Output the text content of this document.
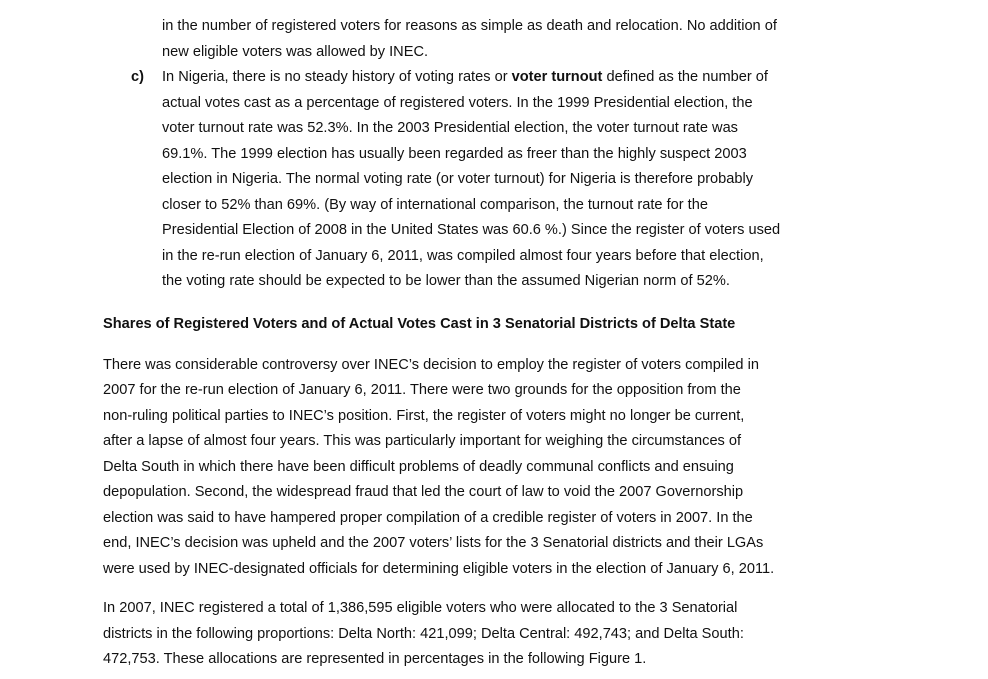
in the number of registered voters for reasons as simple as death and relocation. No addition of
new eligible voters was allowed by INEC.
c) In Nigeria, there is no steady history of voting rates or voter turnout defined as the number of
actual votes cast as a percentage of registered voters. In the 1999 Presidential election, the
voter turnout rate was 52.3%. In the 2003 Presidential election, the voter turnout rate was
69.1%. The 1999 election has usually been regarded as freer than the highly suspect 2003
election in Nigeria. The normal voting rate (or voter turnout) for Nigeria is therefore probably
closer to 52% than 69%. (By way of international comparison, the turnout rate for the
Presidential Election of 2008 in the United States was 60.6 %.) Since the register of voters used
in the re-run election of January 6, 2011, was compiled almost four years before that election,
the voting rate should be expected to be lower than the assumed Nigerian norm of 52%.
Shares of Registered Voters and of Actual Votes Cast in 3 Senatorial Districts of Delta State
There was considerable controversy over INEC’s decision to employ the register of voters compiled in
2007 for the re-run election of January 6, 2011. There were two grounds for the opposition from the
non-ruling political parties to INEC’s position. First, the register of voters might no longer be current,
after a lapse of almost four years. This was particularly important for weighing the circumstances of
Delta South in which there have been difficult problems of deadly communal conflicts and ensuing
depopulation. Second, the widespread fraud that led the court of law to void the 2007 Governorship
election was said to have hampered proper compilation of a credible register of voters in 2007. In the
end, INEC’s decision was upheld and the 2007 voters’ lists for the 3 Senatorial districts and their LGAs
were used by INEC-designated officials for determining eligible voters in the election of January 6, 2011.
In 2007, INEC registered a total of 1,386,595 eligible voters who were allocated to the 3 Senatorial
districts in the following proportions: Delta North: 421,099; Delta Central: 492,743; and Delta South:
472,753. These allocations are represented in percentages in the following Figure 1.
